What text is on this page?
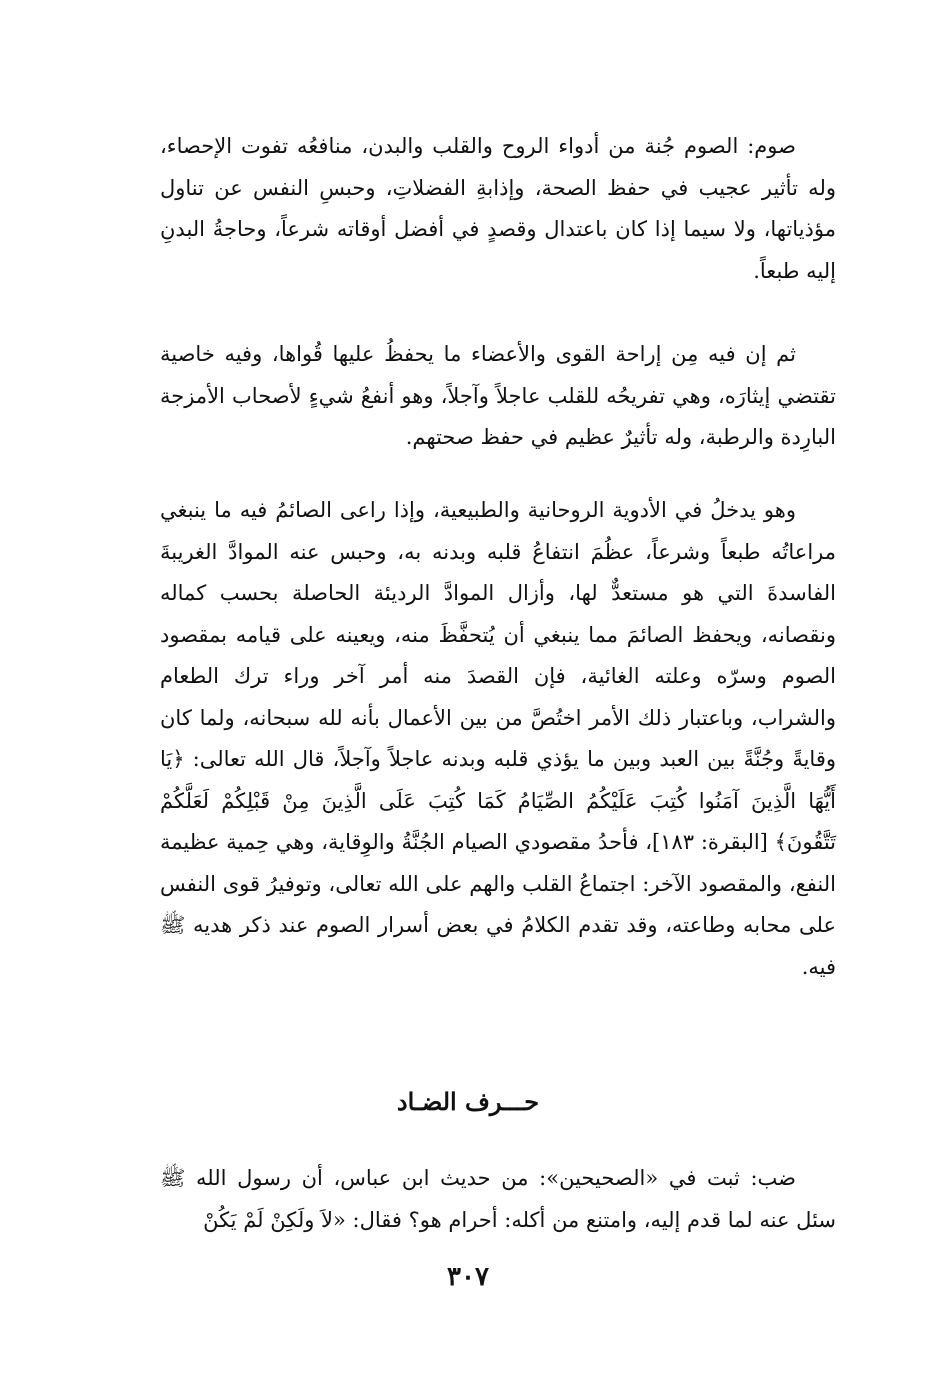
صوم: الصوم جُنة من أدواء الروح والقلب والبدن، منافعُه تفوت الإحصاء، وله تأثير عجيب في حفظ الصحة، وإذابةِ الفضلاتِ، وحبسِ النفس عن تناول مؤذياتها، ولا سيما إذا كان باعتدال وقصدٍ في أفضل أوقاته شرعاً، وحاجةُ البدنِ إليه طبعاً.

ثم إن فيه مِن إراحة القوى والأعضاء ما يحفظُ عليها قُواها، وفيه خاصية تقتضي إيثارَه، وهي تفريحُه للقلب عاجلاً وآجلاً، وهو أنفعُ شيءٍ لأصحاب الأمزجة البارِدة والرطبة، وله تأثيرٌ عظيم في حفظ صحتهم.

وهو يدخلُ في الأدوية الروحانية والطبيعية، وإذا راعى الصائمُ فيه ما ينبغي مراعاتُه طبعاً وشرعاً، عظُمَ انتفاعُ قلبه وبدنه به، وحبس عنه الموادَّ الغريبةَ الفاسدةَ التي هو مستعدٌّ لها، وأزال الموادَّ الرديئة الحاصلة بحسب كماله ونقصانه، ويحفظ الصائمَ مما ينبغي أن يُتحفَّظَ منه، ويعينه على قيامه بمقصود الصوم وسرّه وعلته الغائية، فإن القصدَ منه أمر آخر وراء ترك الطعام والشراب، وباعتبار ذلك الأمر اختُصَّ من بين الأعمال بأنه لله سبحانه، ولما كان وقايةً وجُنَّةً بين العبد وبين ما يؤذي قلبه وبدنه عاجلاً وآجلاً، قال الله تعالى: ﴿يَا أَيُّهَا الَّذِينَ آمَنُوا كُتِبَ عَلَيْكُمُ الصِّيَامُ كَمَا كُتِبَ عَلَى الَّذِينَ مِنْ قَبْلِكُمْ لَعَلَّكُمْ تَتَّقُونَ﴾ [البقرة: ١٨٣]، فأحدُ مقصودي الصيام الجُنَّةُ والوِقاية، وهي حِمية عظيمة النفع، والمقصود الآخر: اجتماعُ القلب والهم على الله تعالى، وتوفيرُ قوى النفس على محابه وطاعته، وقد تقدم الكلامُ في بعض أسرار الصوم عند ذكر هديه ﷺ فيه.

حـــرف الضـاد

ضب: ثبت في «الصحيحين»: من حديث ابن عباس، أن رسول الله ﷺ سئل عنه لما قدم إليه، وامتنع من أكله: أحرام هو؟ فقال: «لاَ ولَكِنْ لَمْ يَكُنْ

٣٠٧
